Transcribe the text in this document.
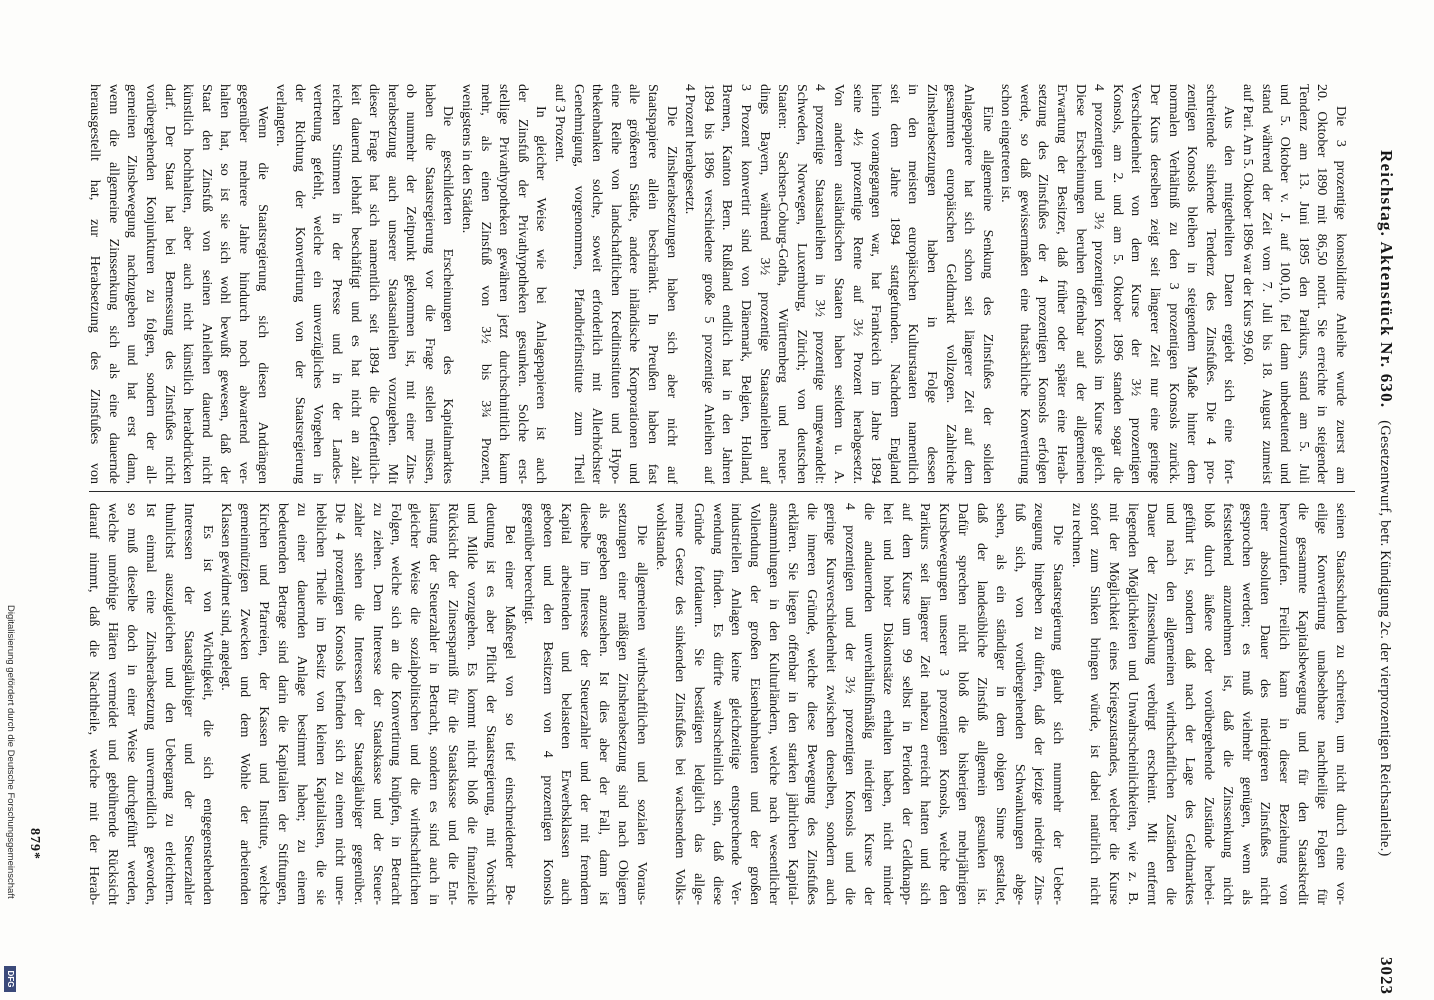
Reichstag. Aktenstück Nr. 630.
(Gesetzentwurf, betr. Kündigung 2c. der vierprozentigen Reichsanleihe.)
3023
Die 3 prozentige konsolidirte Anleihe wurde zuerst am
20. Oktober 1890 mit 86,50 notirt. Sie erreichte in steigender
Tendenz am 13. Juni 1895 den Parikurs, stand am 5. Juli
und 5. Oktober v. J. auf 100,10, fiel dann unbedeutend und
stand während der Zeit vom 7. Juli bis 18. August zumeist
auf Pari. Am 5. Oktober 1896 war der Kurs 99,60.
Aus den mitgetheilten Daten ergiebt sich eine fort-
schreitende sinkende Tendenz des Zinsfußes. Die 4 pro-
zentigen Konsols bleiben in steigendem Maße hinter dem
normalen Verhältniß zu den 3 prozentigen Konsols zurück.
Der Kurs derselben zeigt seit längerer Zeit nur eine geringe
Verschiedenheit von dem Kurse der 3½ prozentigen
Konsols, am 2. und am 5. Oktober 1896 standen sogar die
4 prozentigen und 3½ prozentigen Konsols im Kurse gleich.
Diese Erscheinungen beruhen offenbar auf der allgemeinen
Erwartung der Besitzer, daß früher oder später eine Herab-
setzung des Zinsfußes der 4 prozentigen Konsols erfolgen
werde, so daß gewissermaßen eine thatsächliche Konvertirung
schon eingetreten ist.
Eine allgemeine Senkung des Zinsfußes der soliden
Anlagepapiere hat sich schon seit längerer Zeit auf dem
gesammten europäischen Geldmarkt vollzogen. Zahlreiche
Zinsherabsetzungen haben in Folge dessen
in den meisten europäischen Kulturstaaten namentlich
seit dem Jahre 1894 stattgefunden. Nachdem England
hierin vorangegangen war, hat Frankreich im Jahre 1894
seine 4½ prozentige Rente auf 3½ Prozent herabgesetzt.
Von anderen ausländischen Staaten haben seitdem u. A.
4 prozentige Staatsanleihen in 3½ prozentige umgewandelt:
Schweden, Norwegen, Luxemburg, Zürich; von deutschen
Staaten: Sachsen-Coburg-Gotha, Württemberg und neuer-
dings Bayern, während 3½ prozentige Staatsanleihen auf
3 Prozent konvertirt sind von Dänemark, Belgien, Holland,
Bremen, Kanton Bern. Rußland endlich hat in den Jahren
1894 bis 1896 verschiedene große 5 prozentige Anleihen auf
4 Prozent herabgesetzt.
Die Zinsherabsetzungen haben sich aber nicht auf
Staatspapiere allein beschränkt. In Preußen haben fast
alle größeren Städte, andere inländische Korporationen und
eine Reihe von landschaftlichen Kreditinstituten und Hypo-
thekenbanken solche, soweit erforderlich mit Allerhöchster
Genehmigung, vorgenommen, Pfandbriefinstitute zum Theil
auf 3 Prozent.
In gleicher Weise wie bei Anlagepapieren ist auch
der Zinsfuß der Privathypotheken gesunken. Solche erst-
stellige Privathypotheken gewähren jetzt durchschnittlich kaum
mehr, als einen Zinsfuß von 3½ bis 3¾ Prozent,
wenigstens in den Städten.
Die geschilderten Erscheinungen des Kapitalmarktes
haben die Staatsregierung vor die Frage stellen müssen,
ob nunmehr der Zeitpunkt gekommen ist, mit einer Zins-
herabsetzung auch unserer Staatsanleihen vorzugehen. Mit
dieser Frage hat sich namentlich seit 1894 die Oeffentlich-
keit dauernd lebhaft beschäftigt und es hat nicht an zahl-
reichen Stimmen in der Presse und in der Landes-
vertretung gefehlt, welche ein unverzügliches Vorgehen in
der Richtung der Konvertirung von der Staatsregierung
verlangten.
Wenn die Staatsregierung sich diesen Andrängen
gegenüber mehrere Jahre hindurch noch abwartend ver-
halten hat, so ist sie sich wohl bewußt gewesen, daß der
Staat den Zinsfuß von seinen Anleihen dauernd nicht
künstlich hochhalten, aber auch nicht künstlich herabdrücken
darf. Der Staat hat bei Bemessung des Zinsfußes nicht
vorübergehenden Konjunkturen zu folgen, sondern der all-
gemeinen Zinsbewegung nachzugeben und hat erst dann,
wenn die allgemeine Zinssenkung sich als eine dauernde
herausgestellt hat, zur Herabsetzung des Zinsfußes von
seinen Staatsschulden zu schreiten, um nicht durch eine vor-
eilige Konvertirung unabsehbare nachtheilige Folgen für
die gesammte Kapitalsbewegung und für den Staatskredit
hervorzurufen. Freilich kann in dieser Beziehung von
einer absoluten Dauer des niedrigeren Zinsfußes nicht
gesprochen werden; es muß vielmehr genügen, wenn als
feststehend anzunehmen ist, daß die Zinssenkung nicht
bloß durch äußere oder vorübergehende Zustände herbei-
geführt ist, sondern daß nach der Lage des Geldmarktes
und nach den allgemeinen wirthschaftlichen Zuständen die
Dauer der Zinssenkung verbürgt erscheint. Mit entfernt
liegenden Möglichkeiten und Unwahrscheinlichkeiten, wie z. B.
mit der Möglichkeit eines Kriegszustandes, welcher die Kurse
sofort zum Sinken bringen würde, ist dabei natürlich nicht
zu rechnen.
Die Staatsregierung glaubt sich nunmehr der Ueber-
zeugung hingeben zu dürfen, daß der jetzige niedrige Zins-
fuß sich, von vorübergehenden Schwankungen abge-
sehen, als ein ständiger in dem obigen Sinne gestaltet,
daß der landesübliche Zinsfuß allgemein gesunken ist.
Dafür sprechen nicht bloß die bisherigen mehrjährigen
Kursbewegungen unserer 3 prozentigen Konsols, welche den
Parikurs seit längerer Zeit nahezu erreicht hatten und sich
auf dem Kurse um 99 selbst in Perioden der Geldknapp-
heit und hoher Diskontsätze erhalten haben, nicht minder
die andauernden unverhältnißmäßig niedrigen Kurse der
4 prozentigen und der 3½ prozentigen Konsols und die
geringe Kursverschiedenheit zwischen denselben, sondern auch
die inneren Gründe, welche diese Bewegung des Zinsfußes
erklären. Sie liegen offenbar in den starken jährlichen Kapital-
ansammlungen in den Kulturländern, welche nach wesentlicher
Vollendung der großen Eisenbahnbauten und der großen
industriellen Anlagen keine gleichzeitige entsprechende Ver-
wendung finden. Es dürfte wahrscheinlich sein, daß diese
Gründe fortdauern. Sie bestätigen lediglich das allge-
meine Gesetz des sinkenden Zinsfußes bei wachsendem Volks-
wohlstande.
Die allgemeinen wirthschaftlichen und sozialen Voraus-
setzungen einer mäßigen Zinsherabsetzung sind nach Obigem
als gegeben anzusehen. Ist dies aber der Fall, dann ist
dieselbe im Interesse der Steuerzahler und der mit fremdem
Kapital arbeitenden und belasteten Erwerbsklassen auch
geboten und den Besitzern von 4 prozentigen Konsols
gegenüber berechtigt.
Bei einer Maßregel von so tief einschneidender Be-
deutung ist es aber Pflicht der Staatsregierung, mit Vorsicht
und Milde vorzugehen. Es kommt nicht bloß die finanzielle
Rücksicht der Zinsersparniß für die Staatskasse und die Ent-
lastung der Steuerzahler in Betracht, sondern es sind auch in
gleicher Weise die sozialpolitischen und die wirthschaftlichen
Folgen, welche sich an die Konvertirung knüpfen, in Betracht
zu ziehen. Dem Interesse der Staatskasse und der Steuer-
zahler stehen die Interessen der Staatsgläubiger gegenüber.
Die 4 prozentigen Konsols befinden sich zu einem nicht uner-
heblichen Theile im Besitz von kleinen Kapitalisten, die sie
zu einer dauernden Anlage bestimmt haben; zu einem
bedeutenden Betrage sind darin die Kapitalien der Stiftungen,
Kirchen und Pfarreien, der Kassen und Institute, welche
gemeinnützigen Zwecken und dem Wohle der arbeitenden
Klassen gewidmet sind, angelegt.
Es ist von Wichtigkeit, die sich entgegenstehenden
Interessen der Staatsgläubiger und der Steuerzahler
thunlichst auszugleichen und den Uebergang zu erleichtern.
Ist einmal eine Zinsherabsetzung unvermeidlich geworden,
so muß dieselbe doch in einer Weise durchgeführt werden,
welche unnöthige Härten vermeidet und gebührende Rücksicht
darauf nimmt, daß die Nachtheile, welche mit der Herab-
879*
Digitalisierung gefördert durch die Deutsche Forschungsgemeinschaft
DFG
